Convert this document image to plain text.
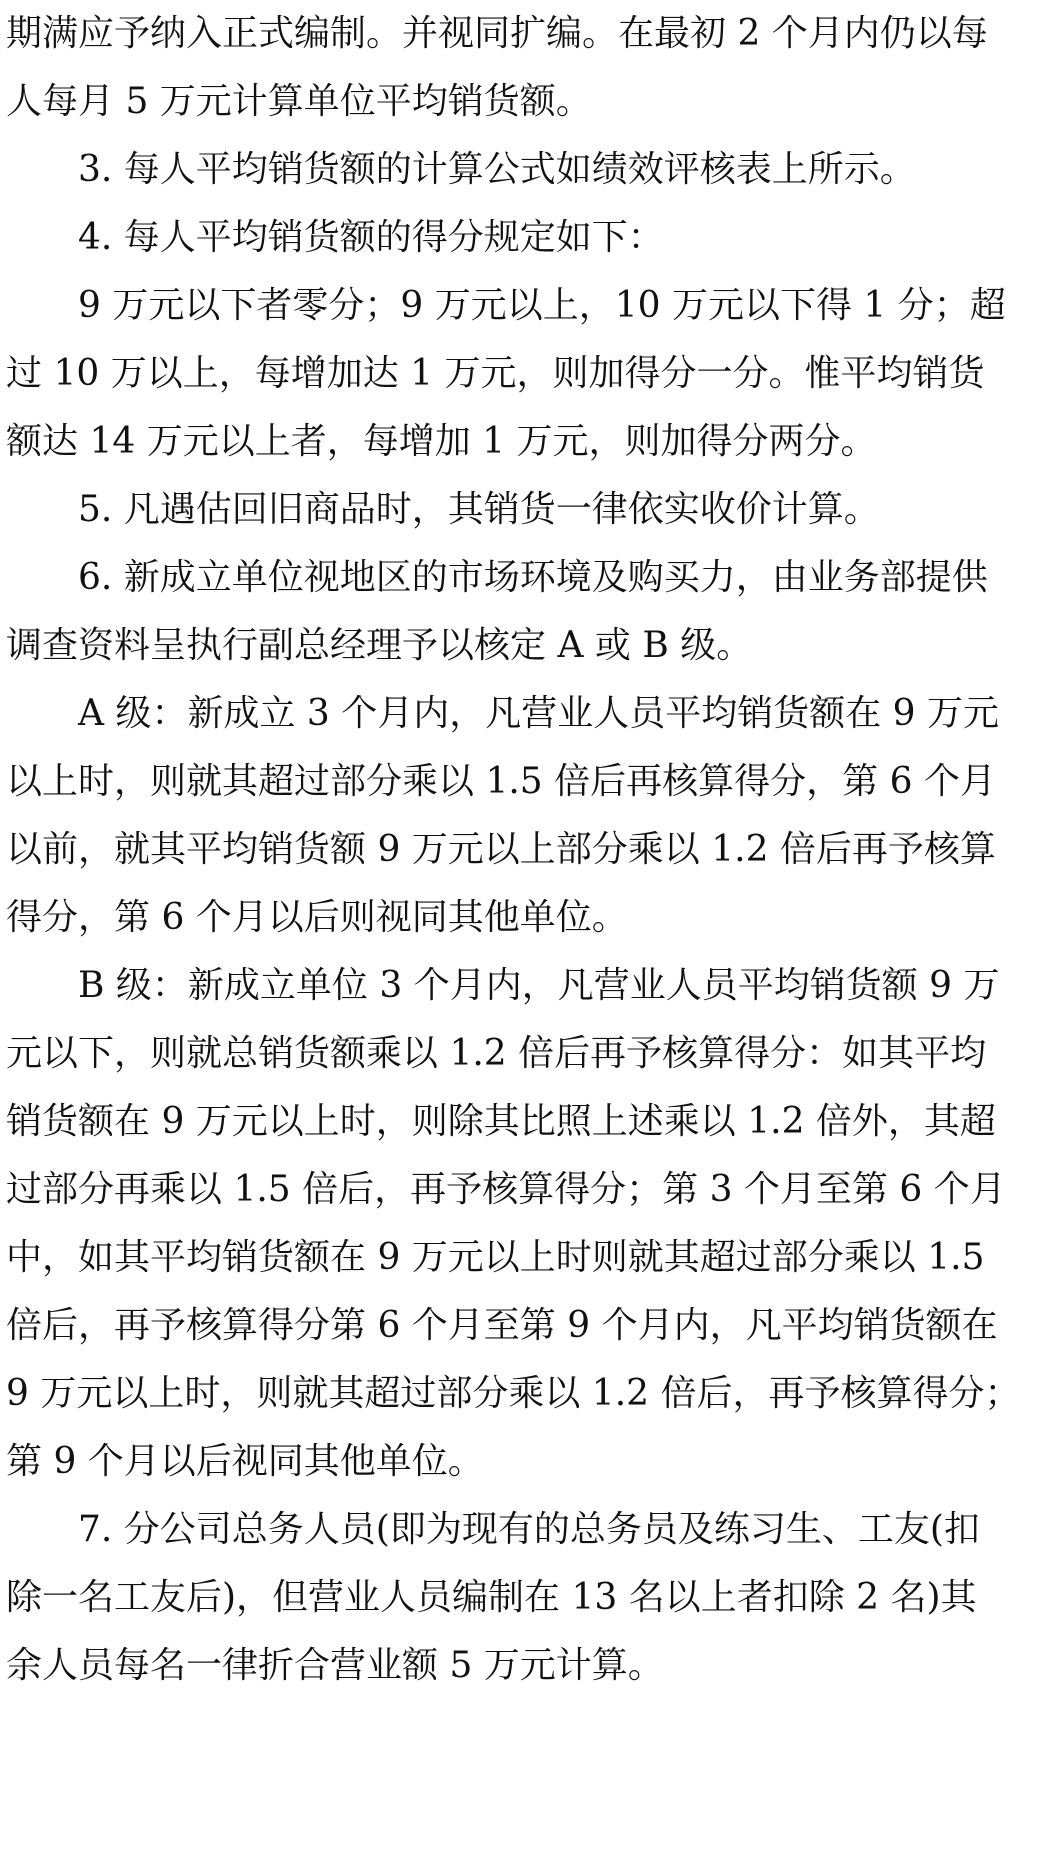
期满应予纳入正式编制。并视同扩编。在最初 2 个月内仍以每
人每月 5 万元计算单位平均销货额。
　　3. 每人平均销货额的计算公式如绩效评核表上所示。
　　4. 每人平均销货额的得分规定如下：
　　9 万元以下者零分；9 万元以上，10 万元以下得 1 分；超
过 10 万以上，每增加达 1 万元，则加得分一分。惟平均销货
额达 14 万元以上者，每增加 1 万元，则加得分两分。
　　5. 凡遇估回旧商品时，其销货一律依实收价计算。
　　6. 新成立单位视地区的市场环境及购买力，由业务部提供
调查资料呈执行副总经理予以核定 A 或 B 级。
　　A 级：新成立 3 个月内，凡营业人员平均销货额在 9 万元
以上时，则就其超过部分乘以 1.5 倍后再核算得分，第 6 个月
以前，就其平均销货额 9 万元以上部分乘以 1.2 倍后再予核算
得分，第 6 个月以后则视同其他单位。
　　B 级：新成立单位 3 个月内，凡营业人员平均销货额 9 万
元以下，则就总销货额乘以 1.2 倍后再予核算得分：如其平均
销货额在 9 万元以上时，则除其比照上述乘以 1.2 倍外，其超
过部分再乘以 1.5 倍后，再予核算得分；第 3 个月至第 6 个月
中，如其平均销货额在 9 万元以上时则就其超过部分乘以 1.5
倍后，再予核算得分第 6 个月至第 9 个月内，凡平均销货额在
9 万元以上时，则就其超过部分乘以 1.2 倍后，再予核算得分；
第 9 个月以后视同其他单位。
　　7. 分公司总务人员(即为现有的总务员及练习生、工友(扣
除一名工友后)，但营业人员编制在 13 名以上者扣除 2 名)其
余人员每名一律折合营业额 5 万元计算。
